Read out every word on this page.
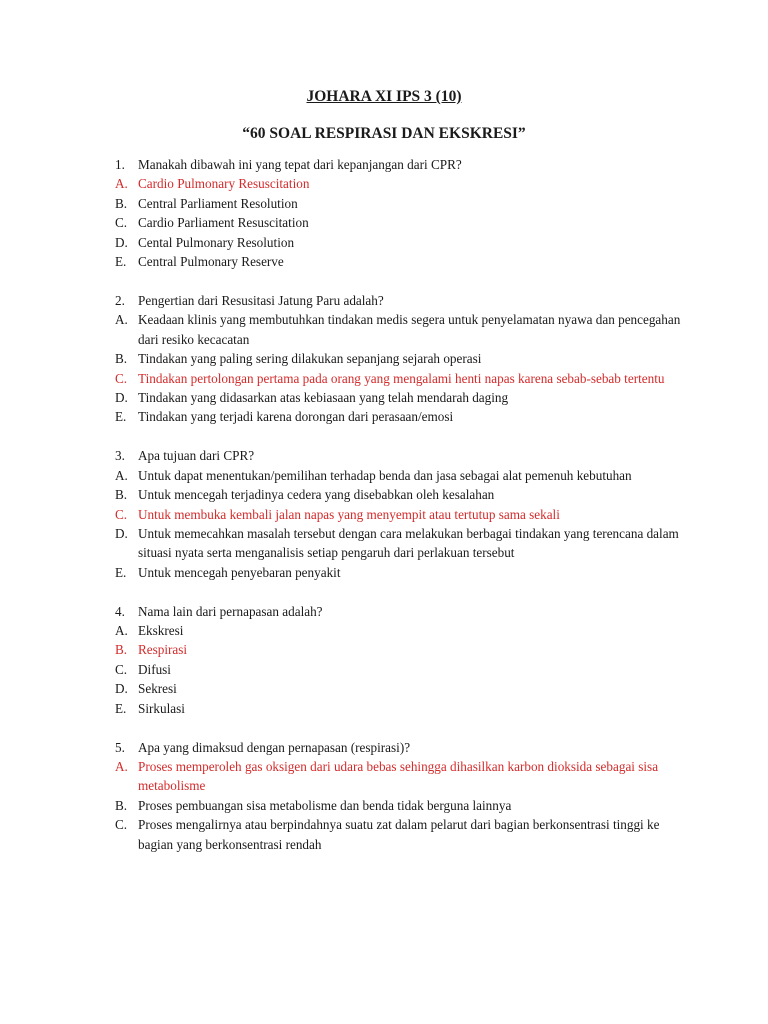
JOHARA XI IPS 3 (10)
“60 SOAL RESPIRASI DAN EKSKRESI”
1. Manakah dibawah ini yang tepat dari kepanjangan dari CPR?
A. Cardio Pulmonary Resuscitation
B. Central Parliament Resolution
C. Cardio Parliament Resuscitation
D. Cental Pulmonary Resolution
E. Central Pulmonary Reserve
2. Pengertian dari Resusitasi Jatung Paru adalah?
A. Keadaan klinis yang membutuhkan tindakan medis segera untuk penyelamatan nyawa dan pencegahan dari resiko kecacatan
B. Tindakan yang paling sering dilakukan sepanjang sejarah operasi
C. Tindakan pertolongan pertama pada orang yang mengalami henti napas karena sebab-sebab tertentu
D. Tindakan yang didasarkan atas kebiasaan yang telah mendarah daging
E. Tindakan yang terjadi karena dorongan dari perasaan/emosi
3. Apa tujuan dari CPR?
A. Untuk dapat menentukan/pemilihan terhadap benda dan jasa sebagai alat pemenuh kebutuhan
B. Untuk mencegah terjadinya cedera yang disebabkan oleh kesalahan
C. Untuk membuka kembali jalan napas yang menyempit atau tertutup sama sekali
D. Untuk memecahkan masalah tersebut dengan cara melakukan berbagai tindakan yang terencana dalam situasi nyata serta menganalisis setiap pengaruh dari perlakuan tersebut
E. Untuk mencegah penyebaran penyakit
4. Nama lain dari pernapasan adalah?
A. Ekskresi
B. Respirasi
C. Difusi
D. Sekresi
E. Sirkulasi
5. Apa yang dimaksud dengan pernapasan (respirasi)?
A. Proses memperoleh gas oksigen dari udara bebas sehingga dihasilkan karbon dioksida sebagai sisa metabolisme
B. Proses pembuangan sisa metabolisme dan benda tidak berguna lainnya
C. Proses mengalirnya atau berpindahnya suatu zat dalam pelarut dari bagian berkonsentrasi tinggi ke bagian yang berkonsentrasi rendah
